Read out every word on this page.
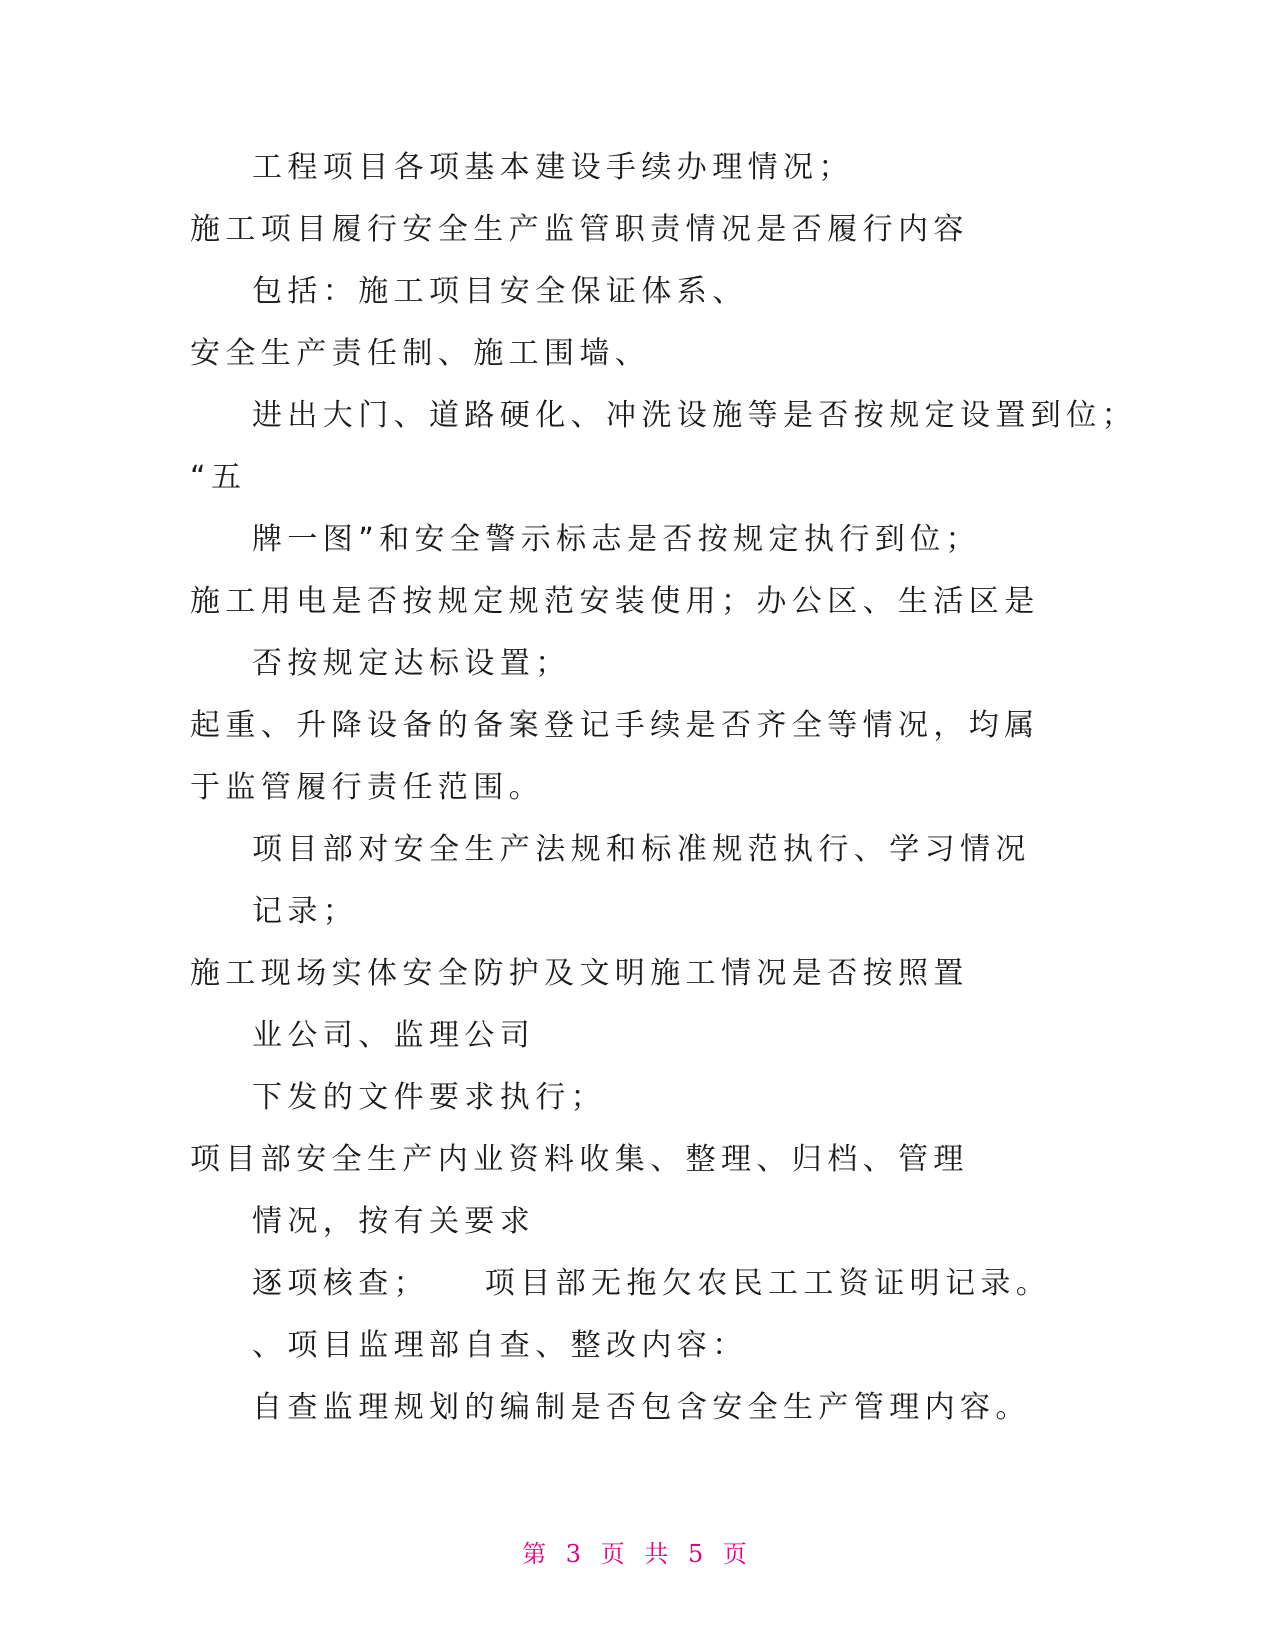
工程项目各项基本建设手续办理情况；
施工项目履行安全生产监管职责情况是否履行内容
包括：施工项目安全保证体系、
安全生产责任制、施工围墙、
进出大门、道路硬化、冲洗设施等是否按规定设置到位；
“五
牌一图”和安全警示标志是否按规定执行到位；
施工用电是否按规定规范安装使用；办公区、生活区是
否按规定达标设置；
起重、升降设备的备案登记手续是否齐全等情况，均属
于监管履行责任范围。
项目部对安全生产法规和标准规范执行、学习情况
记录；
施工现场实体安全防护及文明施工情况是否按照置
业公司、监理公司
下发的文件要求执行；
项目部安全生产内业资料收集、整理、归档、管理
情况，按有关要求
逐项核查；　　项目部无拖欠农民工工资证明记录。
、项目监理部自查、整改内容：
自查监理规划的编制是否包含安全生产管理内容。
第 3 页 共 5 页
